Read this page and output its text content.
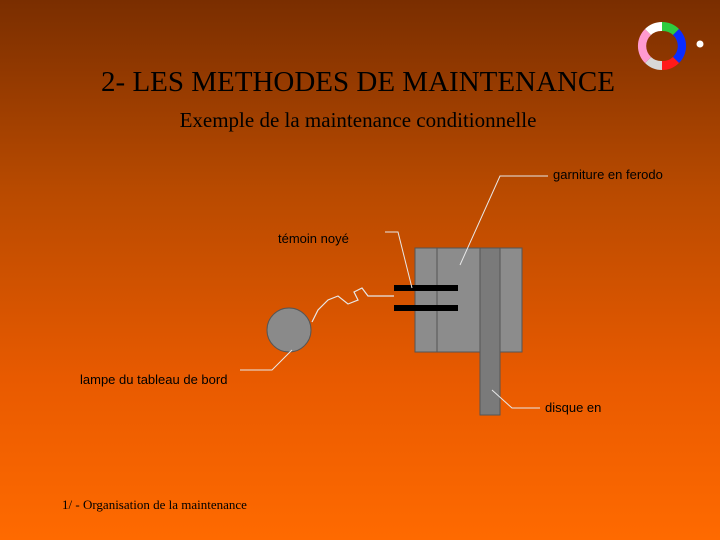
2- LES METHODES DE MAINTENANCE
Exemple de la maintenance conditionnelle
garniture en ferodo
témoin noyé
lampe du tableau de bord
disque en
1/ - Organisation de la maintenance
